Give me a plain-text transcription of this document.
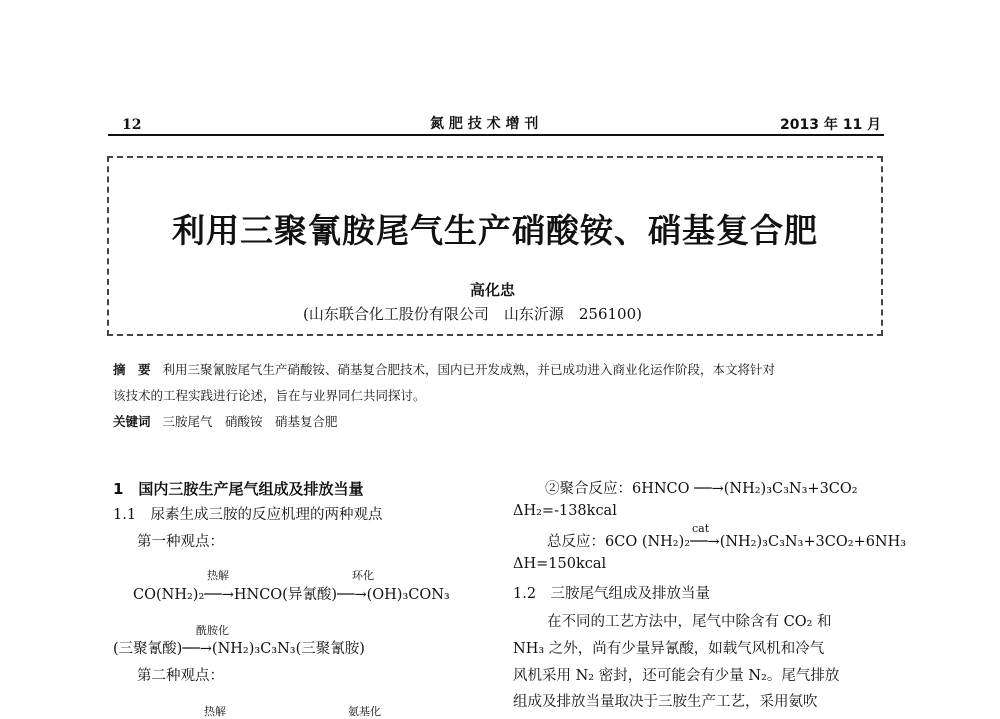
12	氮 肥 技 术 增 刊	2013 年 11 月
利用三聚氰胺尾气生产硝酸铵、硝基复合肥
高化忠
(山东联合化工股份有限公司　山东沂源　256100)
摘　要 利用三聚氰胺尾气生产硝酸铵、硝基复合肥技术，国内已开发成熟，并已成功进入商业化运作阶段，本文将针对
该技术的工程实践进行论述，旨在与业界同仁共同探讨。
关键词 三胺尾气　硝酸铵　硝基复合肥
1　国内三胺生产尾气组成及排放当量
1.1　尿素生成三胺的反应机理的两种观点
第一种观点：
热解	环化
CO(NH₂)₂──→HNCO(异氰酸)──→(OH)₃CON₃
酰胺化
(三聚氰酸)──→(NH₂)₃C₃N₃(三聚氰胺)
第二种观点：
热解	氨基化
②聚合反应：6HNCO ──→(NH₂)₃C₃N₃+3CO₂
ΔH₂=-138kcal
cat
总反应：6CO (NH₂)₂──→(NH₂)₃C₃N₃+3CO₂+6NH₃
ΔH=150kcal
1.2　三胺尾气组成及排放当量
在不同的工艺方法中，尾气中除含有 CO₂ 和
NH₃ 之外，尚有少量异氰酸，如载气风机和冷气
风机采用 N₂ 密封，还可能会有少量 N₂。尾气排放
组成及排放当量取决于三胺生产工艺，采用氨吹
